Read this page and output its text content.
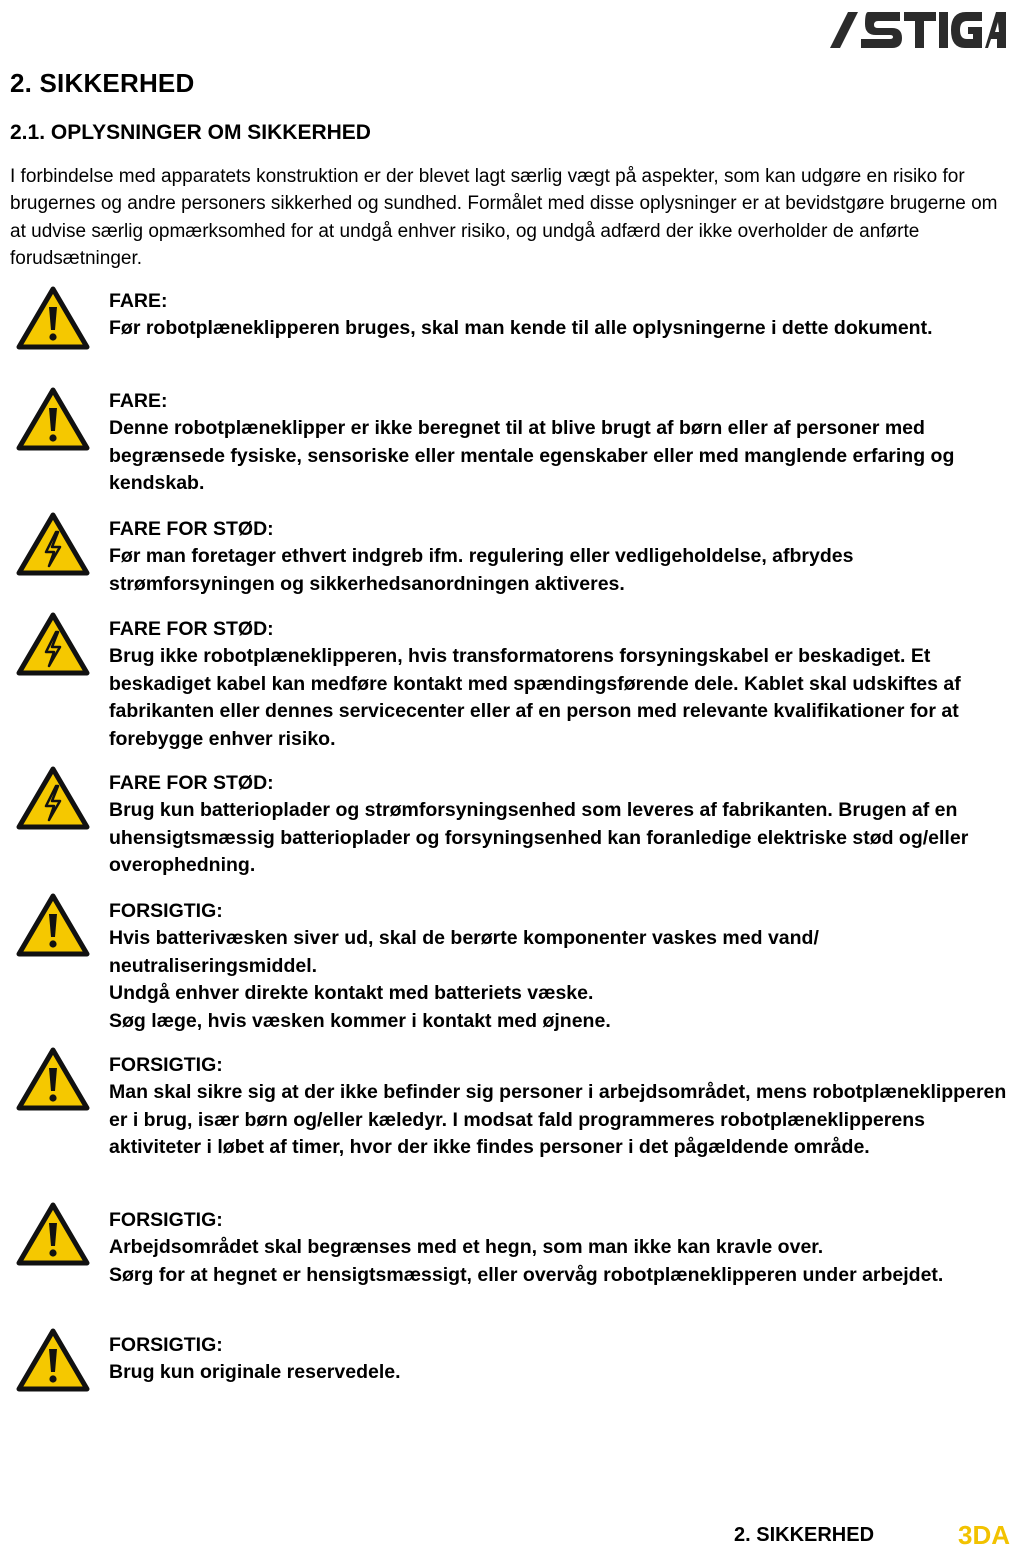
2. SIKKERHED
2.1. OPLYSNINGER OM SIKKERHED

I forbindelse med apparatets konstruktion er der blevet lagt særlig vægt på aspekter, som kan udgøre en risiko for brugernes og andre personers sikkerhed og sundhed. Formålet med disse oplysninger er at bevidstgøre brugerne om at udvise særlig opmærksomhed for at undgå enhver risiko, og undgå adfærd der ikke overholder de anførte forudsætninger.

FARE:

Før robotplæneklipperen bruges, skal man kende til alle oplysningerne i dette dokument.

FARE:

Denne robotplæneklipper er ikke beregnet til at blive brugt af børn eller af personer med begrænsede fysiske, sensoriske eller mentale egenskaber eller med manglende erfaring og kendskab.

FARE FOR STØD:

Før man foretager ethvert indgreb ifm. regulering eller vedligeholdelse, afbrydes strømforsyningen og sikkerhedsanordningen aktiveres.

FARE FOR STØD:

Brug ikke robotplæneklipperen, hvis transformatorens forsyningskabel er beskadiget. Et beskadiget kabel kan medføre kontakt med spændingsførende dele. Kablet skal udskiftes af fabrikanten eller dennes servicecenter eller af en person med relevante kvalifikationer for at forebygge enhver risiko.

FARE FOR STØD:

Brug kun batterioplader og strømforsyningsenhed som leveres af fabrikanten. Brugen af en uhensigtsmæssig batterioplader og forsyningsenhed kan foranledige elektriske stød og/eller overophedning.

FORSIGTIG:

Hvis batterivæsken siver ud, skal de berørte komponenter vaskes med vand/ neutraliseringsmiddel.

Undgå enhver direkte kontakt med batteriets væske.

Søg læge, hvis væsken kommer i kontakt med øjnene.

FORSIGTIG:

Man skal sikre sig at der ikke befinder sig personer i arbejdsområdet, mens robotplæneklipperen er i brug, især børn og/eller kæledyr. I modsat fald programmeres robotplæneklipperens aktiviteter i løbet af timer, hvor der ikke findes personer i det pågældende område.

FORSIGTIG:

Arbejdsområdet skal begrænses med et hegn, som man ikke kan kravle over.

Sørg for at hegnet er hensigtsmæssigt, eller overvåg robotplæneklipperen under arbejdet.

FORSIGTIG:

Brug kun originale reservedele.

2. SIKKERHED	3DA
